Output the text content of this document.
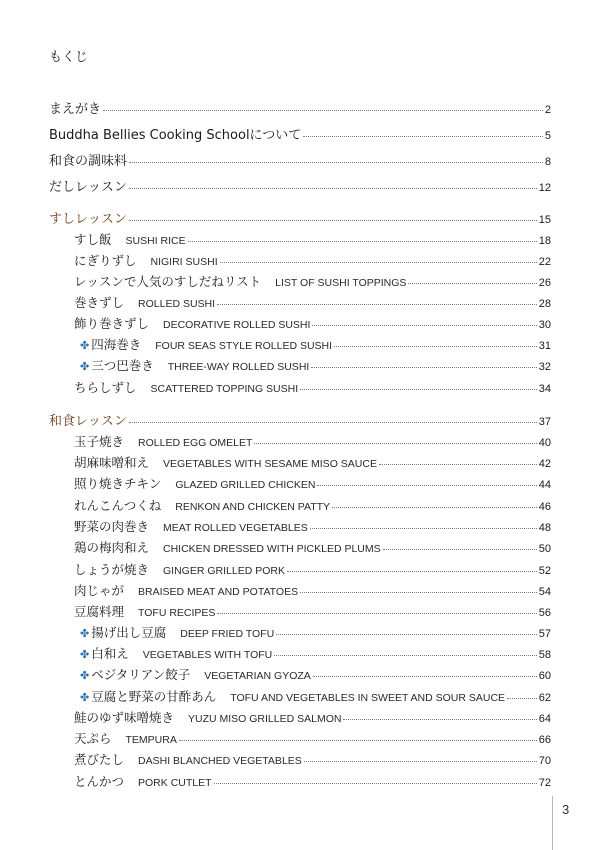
もくじ
まえがき	2
Buddha Bellies Cooking Schoolについて	5
和食の調味料	8
だしレッスン	12
すしレッスン	15
すし飯 SUSHI RICE	18
にぎりずし NIGIRI SUSHI	22
レッスンで人気のすしだねリスト LIST OF SUSHI TOPPINGS	26
巻きずし ROLLED SUSHI	28
飾り巻きずし DECORATIVE ROLLED SUSHI	30
✤ 四海巻き FOUR SEAS STYLE ROLLED SUSHI	31
✤ 三つ巴巻き THREE-WAY ROLLED SUSHI	32
ちらしずし SCATTERED TOPPING SUSHI	34
和食レッスン	37
玉子焼き ROLLED EGG OMELET	40
胡麻味噌和え VEGETABLES WITH SESAME MISO SAUCE	42
照り焼きチキン GLAZED GRILLED CHICKEN	44
れんこんつくね RENKON AND CHICKEN PATTY	46
野菜の肉巻き MEAT ROLLED VEGETABLES	48
鶏の梅肉和え CHICKEN DRESSED WITH PICKLED PLUMS	50
しょうが焼き GINGER GRILLED PORK	52
肉じゃが BRAISED MEAT AND POTATOES	54
豆腐料理 TOFU RECIPES	56
✤ 揚げ出し豆腐 DEEP FRIED TOFU	57
✤ 白和え VEGETABLES WITH TOFU	58
✤ ベジタリアン餃子 VEGETARIAN GYOZA	60
✤ 豆腐と野菜の甘酢あん TOFU AND VEGETABLES IN SWEET AND SOUR SAUCE	62
鮭のゆず味噌焼き YUZU MISO GRILLED SALMON	64
天ぷら TEMPURA	66
煮びたし DASHI BLANCHED VEGETABLES	70
とんかつ PORK CUTLET	72
3
